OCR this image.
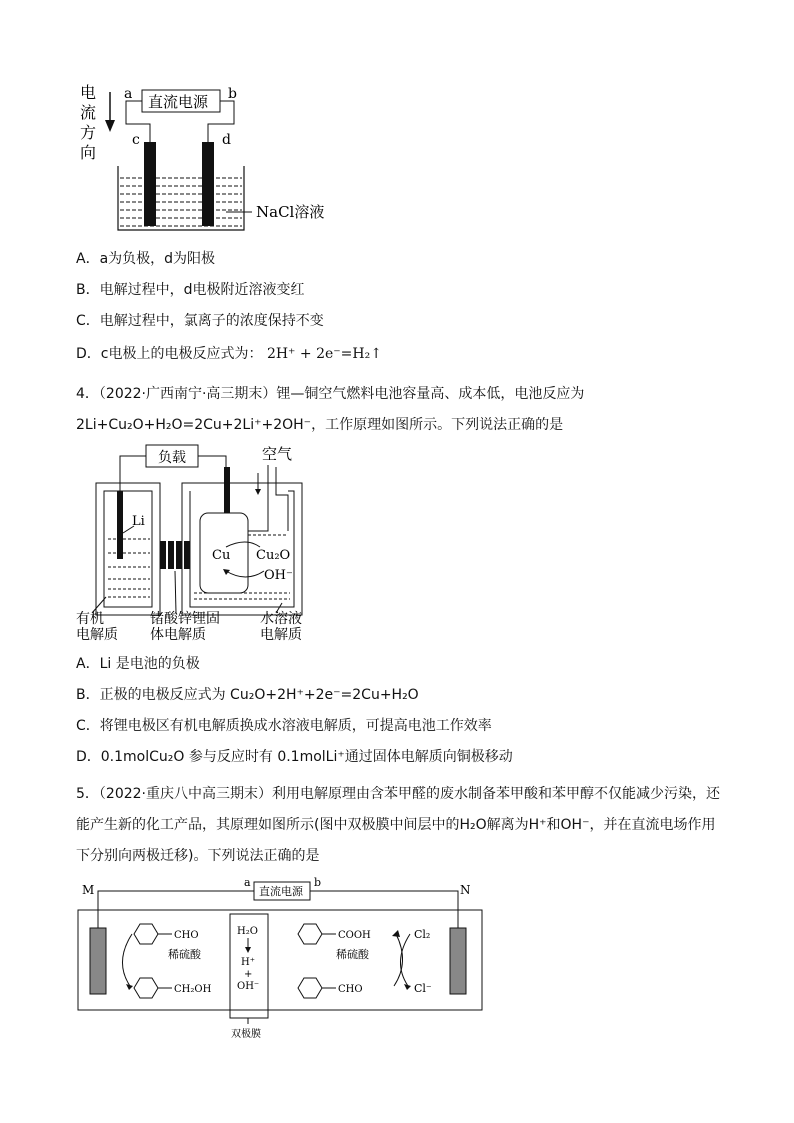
电
流
方
向
直流电源
a	b
c	d
NaCl溶液
A．a为负极，d为阳极
B．电解过程中，d电极附近溶液变红
C．电解过程中，氯离子的浓度保持不变
D．c电极上的电极反应式为： 2H⁺ + 2e⁻=H₂↑
4．（2022·广西南宁·高三期末）锂—铜空气燃料电池容量高、成本低，电池反应为
2Li+Cu₂O+H₂O=2Cu+2Li⁺+2OH⁻，工作原理如图所示。下列说法正确的是
负载
Li
空气
Cu Cu₂O
OH⁻
有机
电解质
锗酸锌锂固
体电解质
水溶液
电解质
A．Li 是电池的负极
B．正极的电极反应式为 Cu₂O+2H⁺+2e⁻=2Cu+H₂O
C．将锂电极区有机电解质换成水溶液电解质，可提高电池工作效率
D．0.1molCu₂O 参与反应时有 0.1molLi⁺通过固体电解质向铜极移动
5．（2022·重庆八中高三期末）利用电解原理由含苯甲醛的废水制备苯甲酸和苯甲醇不仅能减少污染，还能产生新的化工产品，其原理如图所示(图中双极膜中间层中的H₂O解离为H⁺和OH⁻，并在直流电场作用下分别向两极迁移)。下列说法正确的是
M	N
a	b
直流电源
H₂O
H⁺
+
OH⁻
双极膜
CHO
稀硫酸
CH₂OH
COOH
稀硫酸
CHO
Cl₂
Cl⁻
